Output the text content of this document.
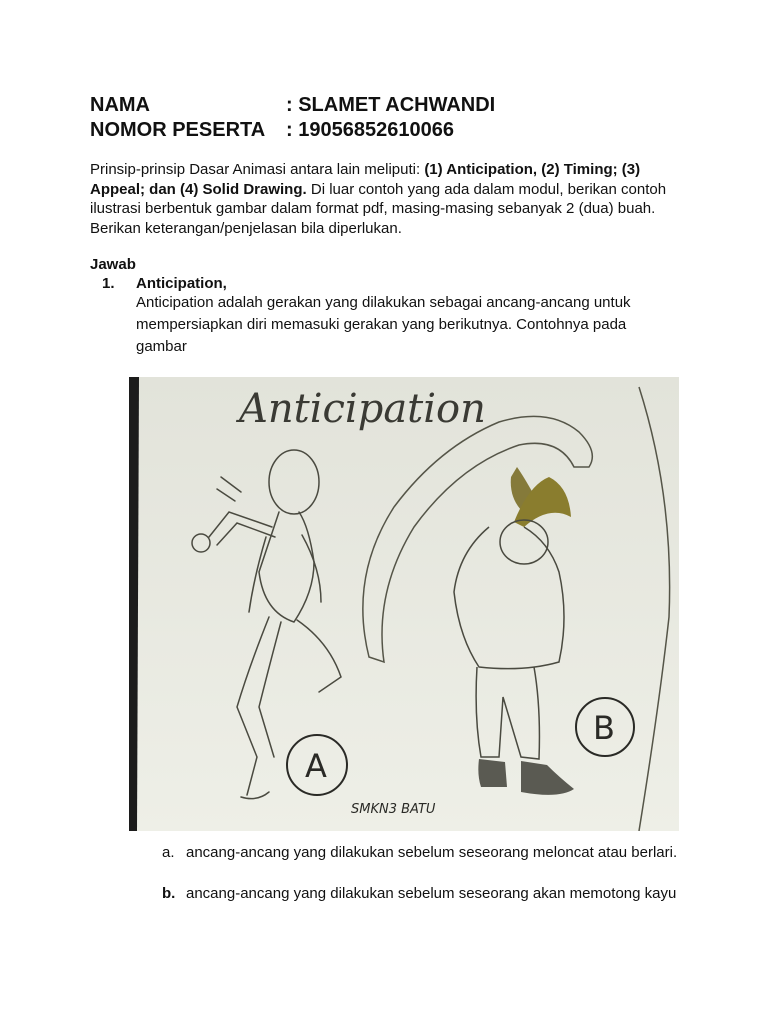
NAMA	: SLAMET ACHWANDI
NOMOR PESERTA : 19056852610066
Prinsip-prinsip Dasar Animasi antara lain meliputi: (1) Anticipation, (2) Timing; (3) Appeal; dan (4) Solid Drawing. Di luar contoh yang ada dalam modul, berikan contoh ilustrasi berbentuk gambar dalam format pdf, masing-masing sebanyak 2 (dua) buah. Berikan keterangan/penjelasan bila diperlukan.
Jawab
1. Anticipation,
Anticipation adalah gerakan yang dilakukan sebagai ancang-ancang untuk mempersiapkan diri memasuki gerakan yang berikutnya. Contohnya pada gambar
Anticipation
A
B
SMKN3 BATU
a. ancang-ancang yang dilakukan sebelum seseorang meloncat atau berlari.
b. ancang-ancang yang dilakukan sebelum seseorang akan memotong kayu
